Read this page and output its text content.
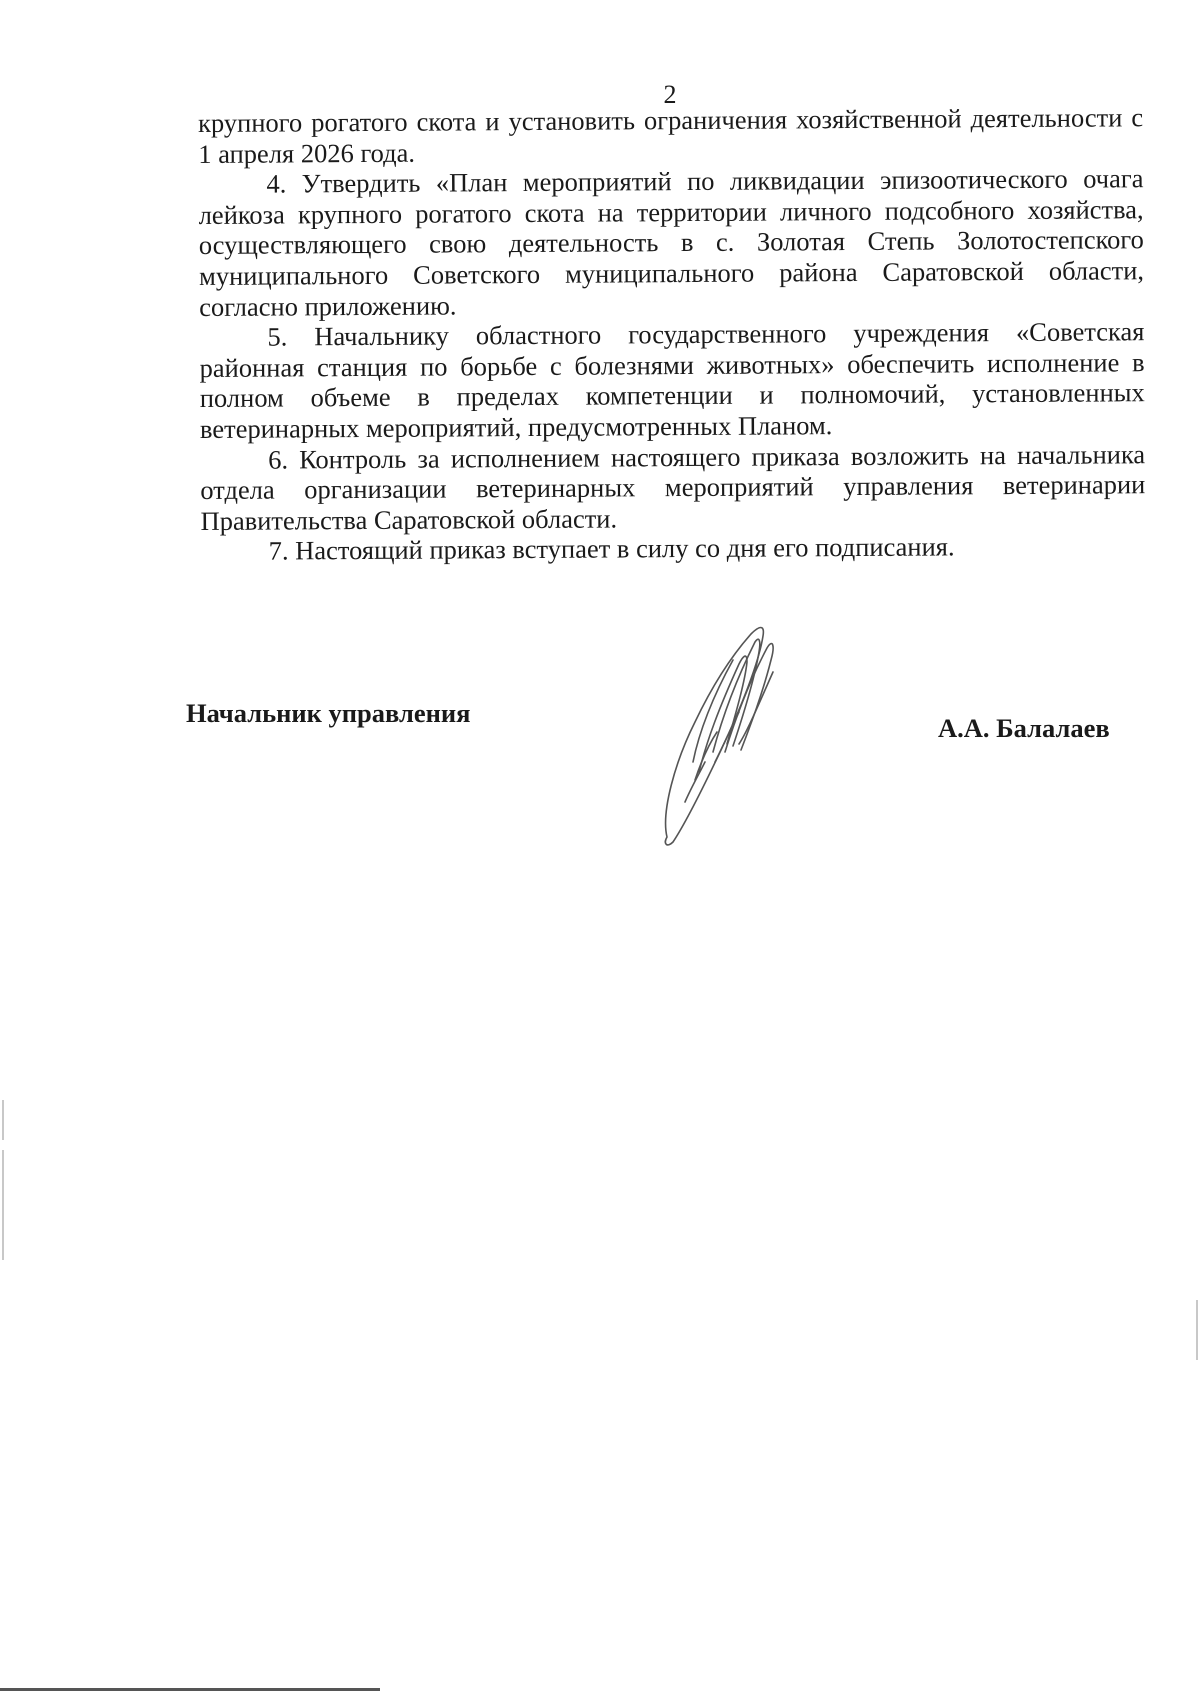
2

крупного рогатого скота и установить ограничения хозяйственной деятельности с 1 апреля 2026 года.

4. Утвердить «План мероприятий по ликвидации эпизоотического очага лейкоза крупного рогатого скота на территории личного подсобного хозяйства, осуществляющего свою деятельность в с. Золотая Степь Золотостепского муниципального Советского муниципального района Саратовской области, согласно приложению.

5. Начальнику областного государственного учреждения «Советская районная станция по борьбе с болезнями животных» обеспечить исполнение в полном объеме в пределах компетенции и полномочий, установленных ветеринарных мероприятий, предусмотренных Планом.

6. Контроль за исполнением настоящего приказа возложить на начальника отдела организации ветеринарных мероприятий управления ветеринарии Правительства Саратовской области.

7. Настоящий приказ вступает в силу со дня его подписания.

Начальник управления	А.А. Балалаев
